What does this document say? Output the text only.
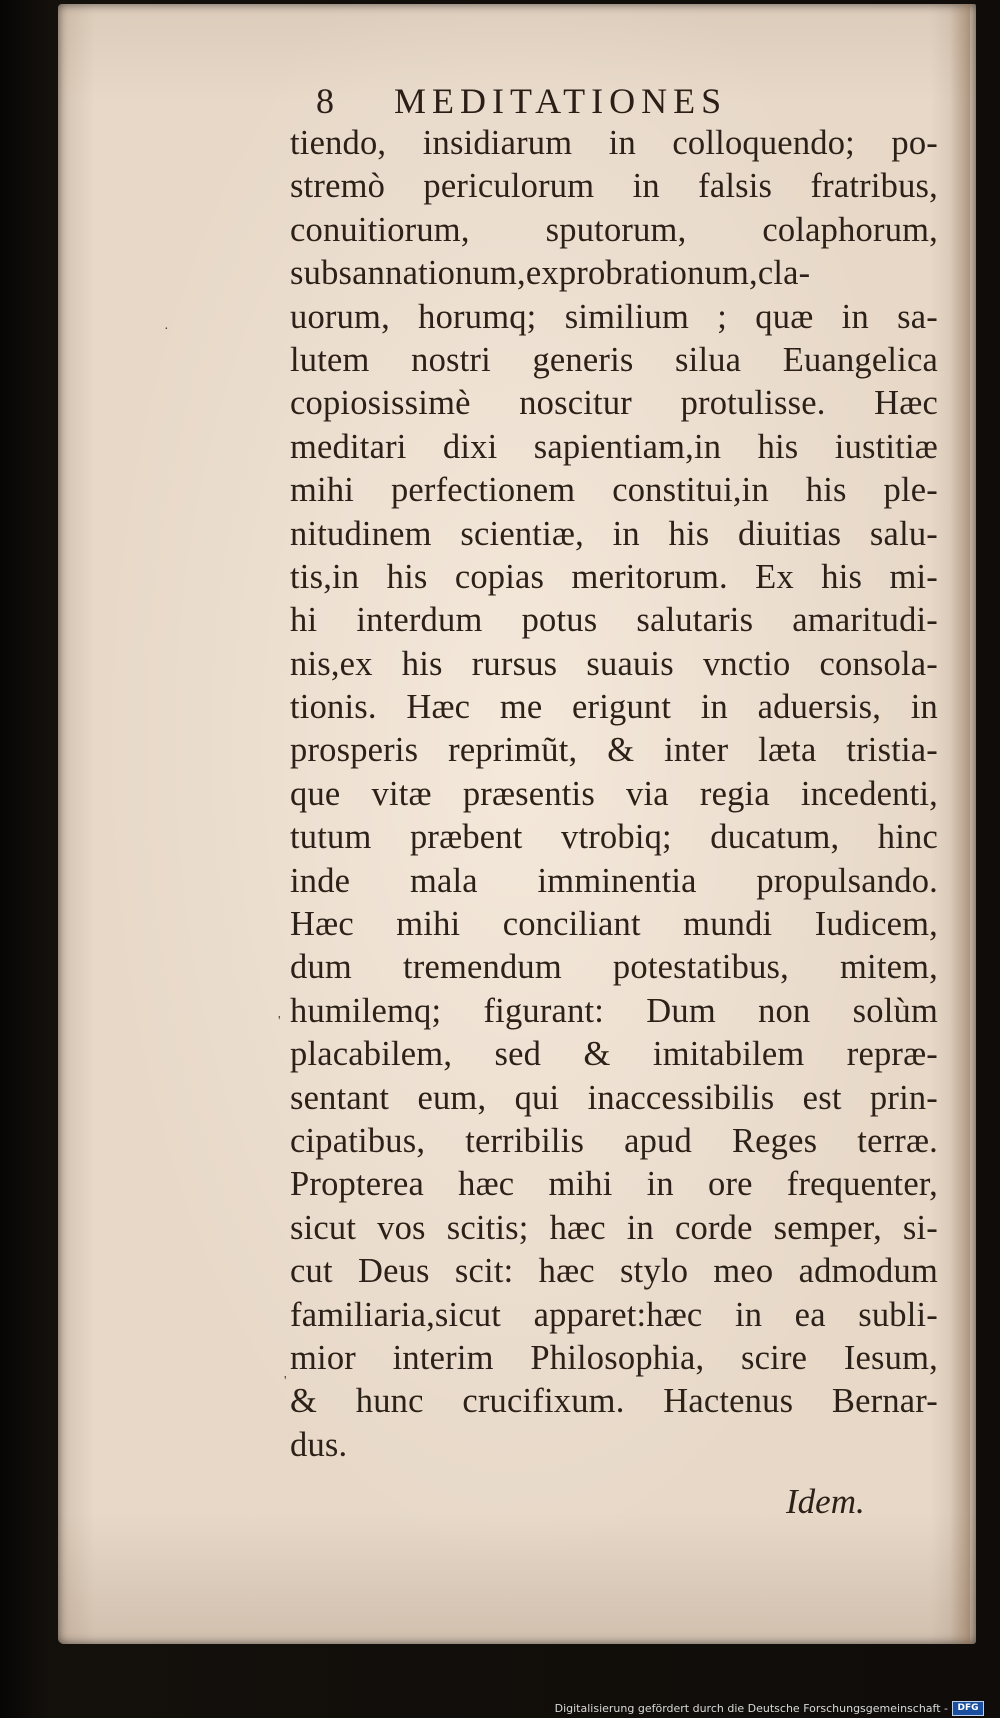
8 MEDITATIONES
tiendo, insidiarum in colloquendo; po-
stremò periculorum in falsis fratribus,
conuitiorum, sputorum, colaphorum,
subsannationum,exprobrationum,cla-
uorum, horumq; similium ; quæ in sa-
lutem nostri generis silua Euangelica
copiosissimè noscitur protulisse. Hæc
meditari dixi sapientiam,in his iustitiæ
mihi perfectionem constitui,in his ple-
nitudinem scientiæ, in his diuitias salu-
tis,in his copias meritorum. Ex his mi-
hi interdum potus salutaris amaritudi-
nis,ex his rursus suauis vnctio consola-
tionis. Hæc me erigunt in aduersis, in
prosperis reprimũt, & inter læta tristia-
que vitæ præsentis via regia incedenti,
tutum præbent vtrobiq; ducatum, hinc
inde mala imminentia propulsando.
Hæc mihi conciliant mundi Iudicem,
dum tremendum potestatibus, mitem,
humilemq; figurant: Dum non solùm
placabilem, sed & imitabilem repræ-
sentant eum, qui inaccessibilis est prin-
cipatibus, terribilis apud Reges terræ.
Propterea hæc mihi in ore frequenter,
sicut vos scitis; hæc in corde semper, si-
cut Deus scit: hæc stylo meo admodum
familiaria,sicut apparet:hæc in ea subli-
mior interim Philosophia, scire Iesum,
& hunc crucifixum. Hactenus Bernar-
dus.
Idem.
·
'
'
Digitalisierung gefördert durch die Deutsche Forschungsgemeinschaft -	DFG
